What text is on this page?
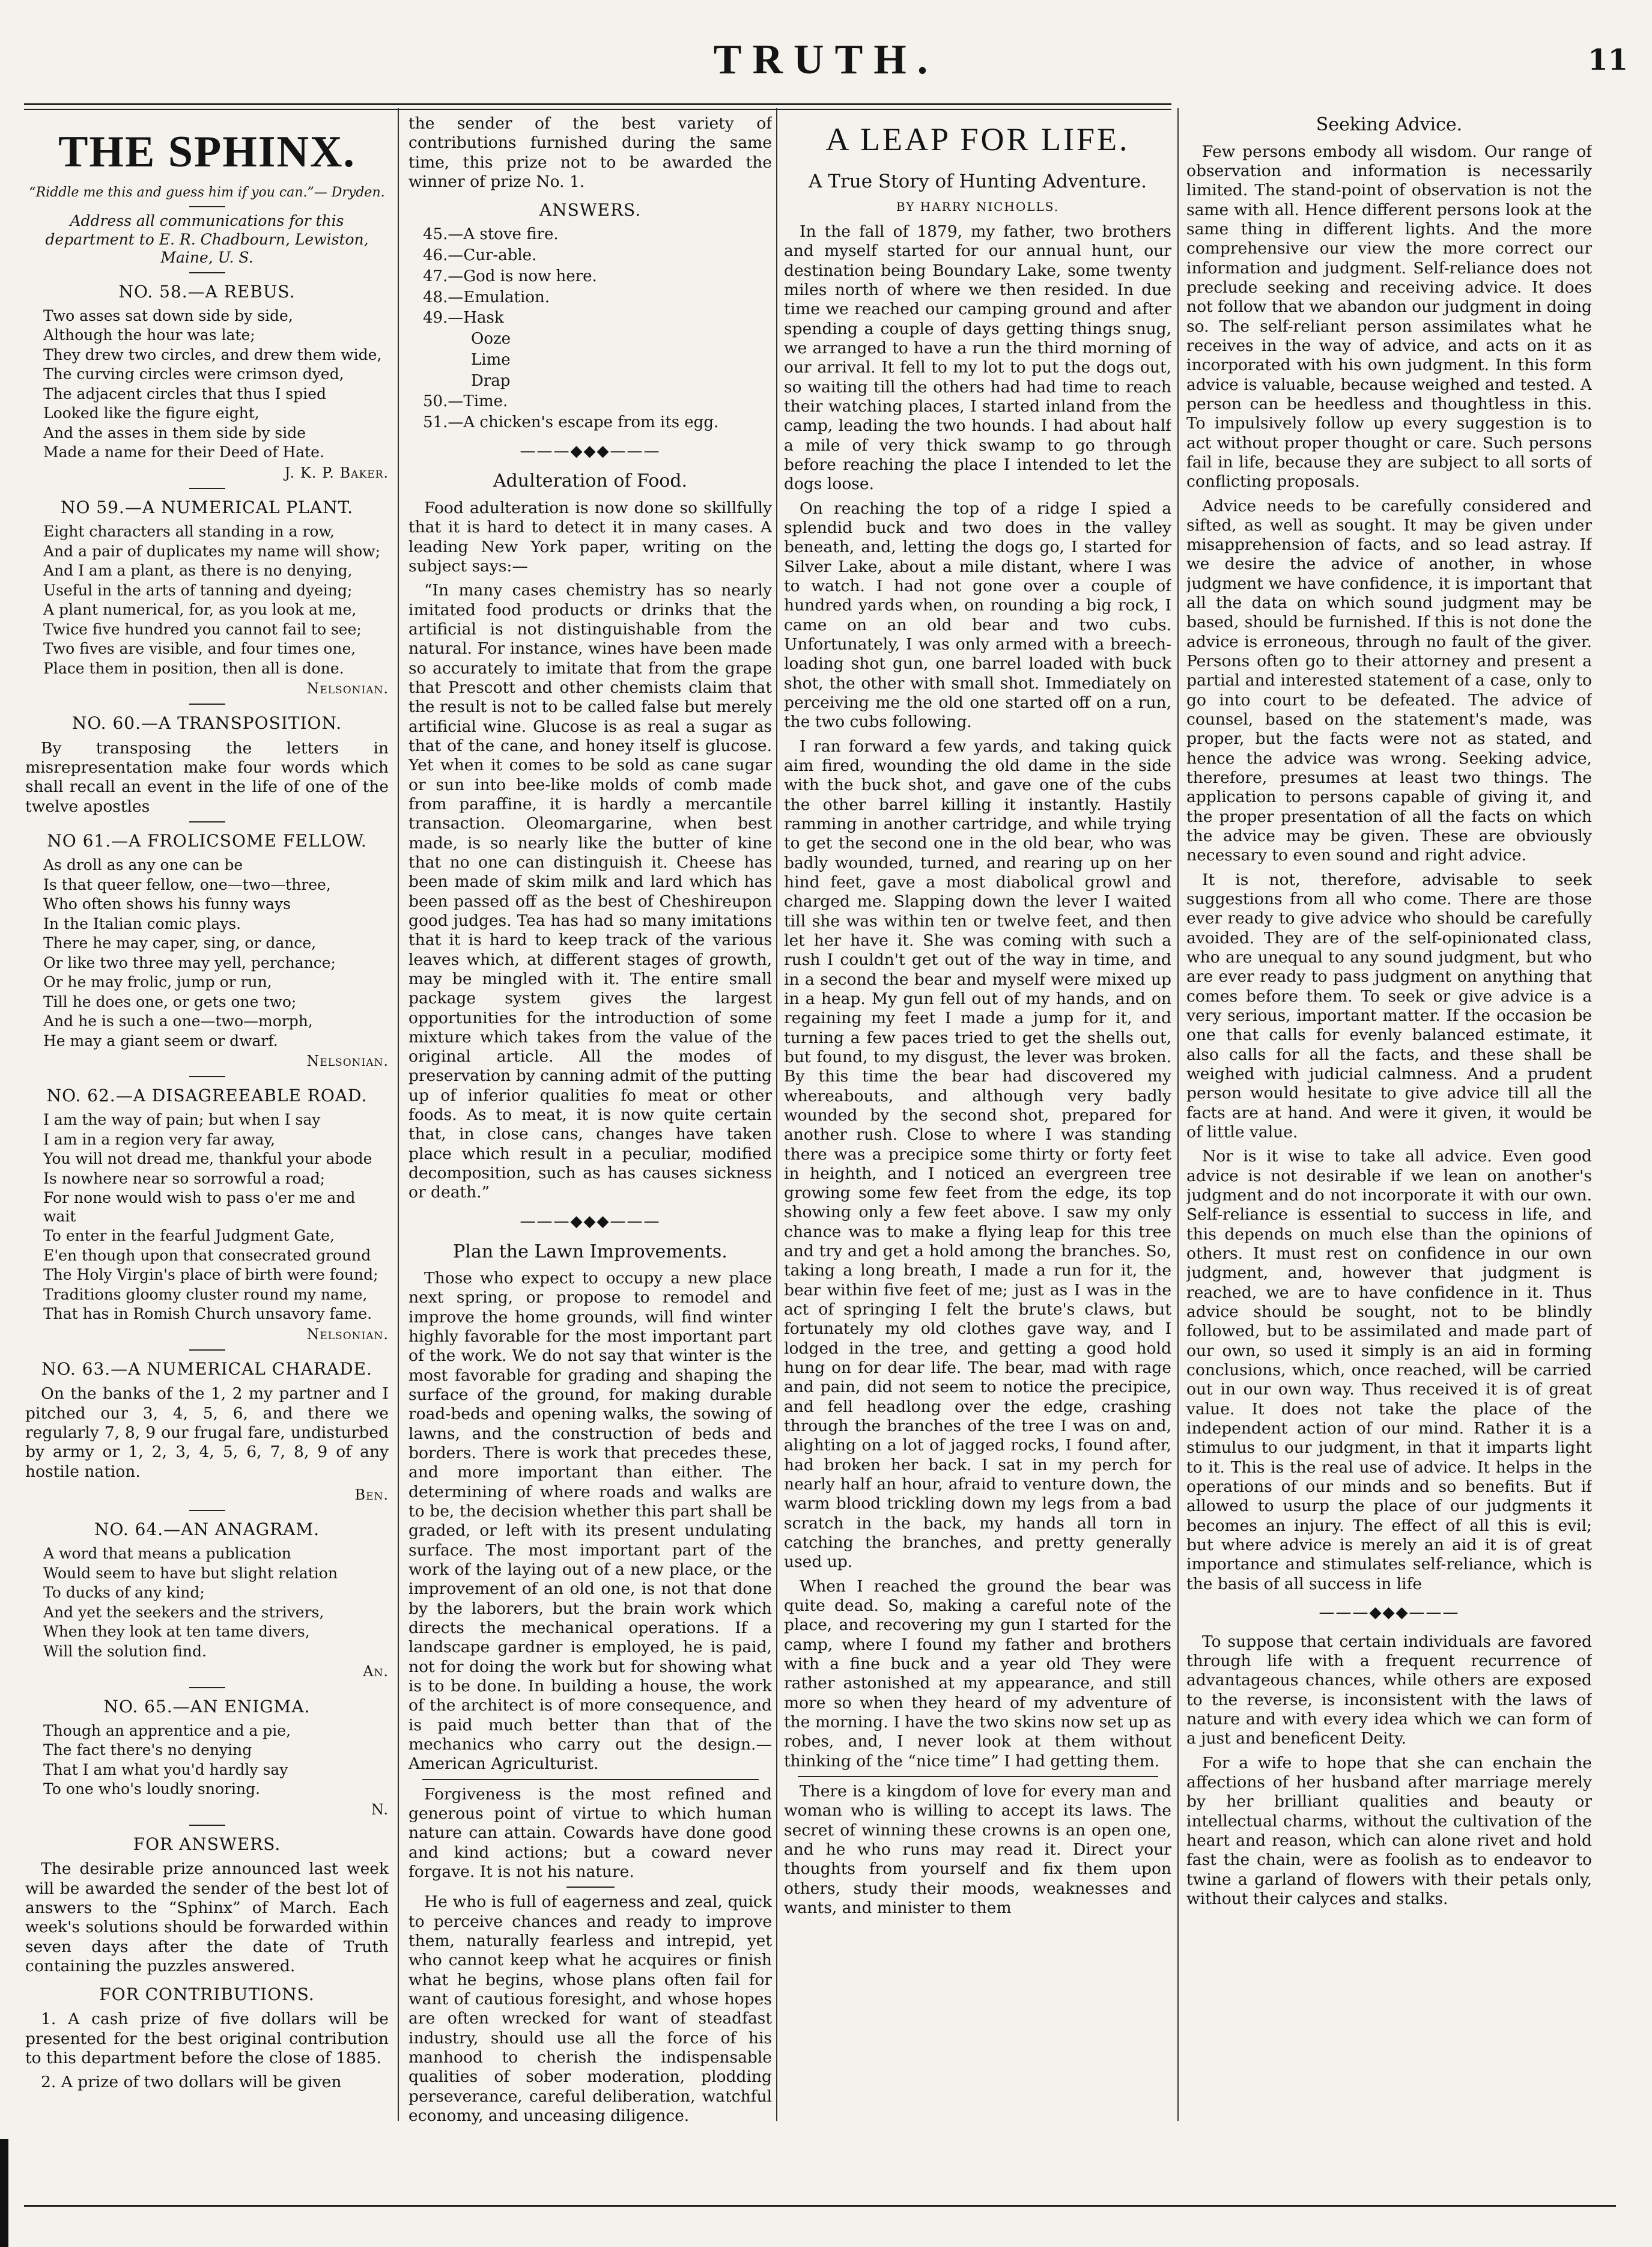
TRUTH.	11
THE SPHINX.
“Riddle me this and guess him if you can.”— Dryden.
Address all communications for this department to E. R. Chadbourn, Lewiston, Maine, U. S.
NO. 58.—A REBUS.
Two asses sat down side by side,
Although the hour was late;
They drew two circles, and drew them wide,
The curving circles were crimson dyed,
The adjacent circles that thus I spied
Looked like the figure eight,
And the asses in them side by side
Made a name for their Deed of Hate.
J. K. P. Baker.
NO 59.—A NUMERICAL PLANT.
Eight characters all standing in a row,
And a pair of duplicates my name will show;
And I am a plant, as there is no denying,
Useful in the arts of tanning and dyeing;
A plant numerical, for, as you look at me,
Twice five hundred you cannot fail to see;
Two fives are visible, and four times one,
Place them in position, then all is done.
Nelsonian.
NO. 60.—A TRANSPOSITION.

By transposing the letters in misrepresentation make four words which shall recall an event in the life of one of the twelve apostles

NO 61.—A FROLICSOME FELLOW.
As droll as any one can be
Is that queer fellow, one—two—three,
Who often shows his funny ways
In the Italian comic plays.
There he may caper, sing, or dance,
Or like two three may yell, perchance;
Or he may frolic, jump or run,
Till he does one, or gets one two;
And he is such a one—two—morph,
He may a giant seem or dwarf.
Nelsonian.
NO. 62.—A DISAGREEABLE ROAD.
I am the way of pain; but when I say
I am in a region very far away,
You will not dread me, thankful your abode
Is nowhere near so sorrowful a road;
For none would wish to pass o'er me and wait
To enter in the fearful Judgment Gate,
E'en though upon that consecrated ground
The Holy Virgin's place of birth were found;
Traditions gloomy cluster round my name,
That has in Romish Church unsavory fame.
Nelsonian.
NO. 63.—A NUMERICAL CHARADE.

On the banks of the 1, 2 my partner and I pitched our 3, 4, 5, 6, and there we regularly 7, 8, 9 our frugal fare, undisturbed by army or 1, 2, 3, 4, 5, 6, 7, 8, 9 of any hostile nation.

Ben.
NO. 64.—AN ANAGRAM.
A word that means a publication
Would seem to have but slight relation
To ducks of any kind;
And yet the seekers and the strivers,
When they look at ten tame divers,
Will the solution find.
An.
NO. 65.—AN ENIGMA.
Though an apprentice and a pie,
The fact there's no denying
That I am what you'd hardly say
To one who's loudly snoring.
N.
FOR ANSWERS.

The desirable prize announced last week will be awarded the sender of the best lot of answers to the “Sphinx” of March. Each week's solutions should be forwarded within seven days after the date of Truth containing the puzzles answered.

FOR CONTRIBUTIONS.

1. A cash prize of five dollars will be presented for the best original contribution to this department before the close of 1885.

2. A prize of two dollars will be given

the sender of the best variety of contributions furnished during the same time, this prize not to be awarded the winner of prize No. 1.

ANSWERS.
45.—A stove fire.
46.—Cur-able.
47.—God is now here.
48.—Emulation.
49.—Hask
Ooze
Lime
Drap
50.—Time.
51.—A chicken's escape from its egg.
———◆◆◆———
Adulteration of Food.

Food adulteration is now done so skillfully that it is hard to detect it in many cases. A leading New York paper, writing on the subject says:—

“In many cases chemistry has so nearly imitated food products or drinks that the artificial is not distinguishable from the natural. For instance, wines have been made so accurately to imitate that from the grape that Prescott and other chemists claim that the result is not to be called false but merely artificial wine. Glucose is as real a sugar as that of the cane, and honey itself is glucose. Yet when it comes to be sold as cane sugar or sun into bee-like molds of comb made from paraffine, it is hardly a mercantile transaction. Oleomargarine, when best made, is so nearly like the butter of kine that no one can distinguish it. Cheese has been made of skim milk and lard which has been passed off as the best of Cheshireupon good judges. Tea has had so many imitations that it is hard to keep track of the various leaves which, at different stages of growth, may be mingled with it. The entire small package system gives the largest opportunities for the introduction of some mixture which takes from the value of the original article. All the modes of preservation by canning admit of the putting up of inferior qualities fo meat or other foods. As to meat, it is now quite certain that, in close cans, changes have taken place which result in a peculiar, modified decomposition, such as has causes sickness or death.”

———◆◆◆———
Plan the Lawn Improvements.

Those who expect to occupy a new place next spring, or propose to remodel and improve the home grounds, will find winter highly favorable for the most important part of the work. We do not say that winter is the most favorable for grading and shaping the surface of the ground, for making durable road-beds and opening walks, the sowing of lawns, and the construction of beds and borders. There is work that precedes these, and more important than either. The determining of where roads and walks are to be, the decision whether this part shall be graded, or left with its present undulating surface. The most important part of the work of the laying out of a new place, or the improvement of an old one, is not that done by the laborers, but the brain work which directs the mechanical operations. If a landscape gardner is employed, he is paid, not for doing the work but for showing what is to be done. In building a house, the work of the architect is of more consequence, and is paid much better than that of the mechanics who carry out the design.—American Agriculturist.

Forgiveness is the most refined and generous point of virtue to which human nature can attain. Cowards have done good and kind actions; but a coward never forgave. It is not his nature.

He who is full of eagerness and zeal, quick to perceive chances and ready to improve them, naturally fearless and intrepid, yet who cannot keep what he acquires or finish what he begins, whose plans often fail for want of cautious foresight, and whose hopes are often wrecked for want of steadfast industry, should use all the force of his manhood to cherish the indispensable qualities of sober moderation, plodding perseverance, careful deliberation, watchful economy, and unceasing diligence.

A LEAP FOR LIFE.
A True Story of Hunting Adventure.
BY HARRY NICHOLLS.

In the fall of 1879, my father, two brothers and myself started for our annual hunt, our destination being Boundary Lake, some twenty miles north of where we then resided. In due time we reached our camping ground and after spending a couple of days getting things snug, we arranged to have a run the third morning of our arrival. It fell to my lot to put the dogs out, so waiting till the others had had time to reach their watching places, I started inland from the camp, leading the two hounds. I had about half a mile of very thick swamp to go through before reaching the place I intended to let the dogs loose.

On reaching the top of a ridge I spied a splendid buck and two does in the valley beneath, and, letting the dogs go, I started for Silver Lake, about a mile distant, where I was to watch. I had not gone over a couple of hundred yards when, on rounding a big rock, I came on an old bear and two cubs. Unfortunately, I was only armed with a breech-loading shot gun, one barrel loaded with buck shot, the other with small shot. Immediately on perceiving me the old one started off on a run, the two cubs following.

I ran forward a few yards, and taking quick aim fired, wounding the old dame in the side with the buck shot, and gave one of the cubs the other barrel killing it instantly. Hastily ramming in another cartridge, and while trying to get the second one in the old bear, who was badly wounded, turned, and rearing up on her hind feet, gave a most diabolical growl and charged me. Slapping down the lever I waited till she was within ten or twelve feet, and then let her have it. She was coming with such a rush I couldn't get out of the way in time, and in a second the bear and myself were mixed up in a heap. My gun fell out of my hands, and on regaining my feet I made a jump for it, and turning a few paces tried to get the shells out, but found, to my disgust, the lever was broken. By this time the bear had discovered my whereabouts, and although very badly wounded by the second shot, prepared for another rush. Close to where I was standing there was a precipice some thirty or forty feet in heighth, and I noticed an evergreen tree growing some few feet from the edge, its top showing only a few feet above. I saw my only chance was to make a flying leap for this tree and try and get a hold among the branches. So, taking a long breath, I made a run for it, the bear within five feet of me; just as I was in the act of springing I felt the brute's claws, but fortunately my old clothes gave way, and I lodged in the tree, and getting a good hold hung on for dear life. The bear, mad with rage and pain, did not seem to notice the precipice, and fell headlong over the edge, crashing through the branches of the tree I was on and, alighting on a lot of jagged rocks, I found after, had broken her back. I sat in my perch for nearly half an hour, afraid to venture down, the warm blood trickling down my legs from a bad scratch in the back, my hands all torn in catching the branches, and pretty generally used up.

When I reached the ground the bear was quite dead. So, making a careful note of the place, and recovering my gun I started for the camp, where I found my father and brothers with a fine buck and a year old They were rather astonished at my appearance, and still more so when they heard of my adventure of the morning. I have the two skins now set up as robes, and, I never look at them without thinking of the “nice time” I had getting them.

There is a kingdom of love for every man and woman who is willing to accept its laws. The secret of winning these crowns is an open one, and he who runs may read it. Direct your thoughts from yourself and fix them upon others, study their moods, weaknesses and wants, and minister to them

Seeking Advice.

Few persons embody all wisdom. Our range of observation and information is necessarily limited. The stand-point of observation is not the same with all. Hence different persons look at the same thing in different lights. And the more comprehensive our view the more correct our information and judgment. Self-reliance does not preclude seeking and receiving advice. It does not follow that we abandon our judgment in doing so. The self-reliant person assimilates what he receives in the way of advice, and acts on it as incorporated with his own judgment. In this form advice is valuable, because weighed and tested. A person can be heedless and thoughtless in this. To impulsively follow up every suggestion is to act without proper thought or care. Such persons fail in life, because they are subject to all sorts of conflicting proposals.

Advice needs to be carefully considered and sifted, as well as sought. It may be given under misapprehension of facts, and so lead astray. If we desire the advice of another, in whose judgment we have confidence, it is important that all the data on which sound judgment may be based, should be furnished. If this is not done the advice is erroneous, through no fault of the giver. Persons often go to their attorney and present a partial and interested statement of a case, only to go into court to be defeated. The advice of counsel, based on the statement's made, was proper, but the facts were not as stated, and hence the advice was wrong. Seeking advice, therefore, presumes at least two things. The application to persons capable of giving it, and the proper presentation of all the facts on which the advice may be given. These are obviously necessary to even sound and right advice.

It is not, therefore, advisable to seek suggestions from all who come. There are those ever ready to give advice who should be carefully avoided. They are of the self-opinionated class, who are unequal to any sound judgment, but who are ever ready to pass judgment on anything that comes before them. To seek or give advice is a very serious, important matter. If the occasion be one that calls for evenly balanced estimate, it also calls for all the facts, and these shall be weighed with judicial calmness. And a prudent person would hesitate to give advice till all the facts are at hand. And were it given, it would be of little value.

Nor is it wise to take all advice. Even good advice is not desirable if we lean on another's judgment and do not incorporate it with our own. Self-reliance is essential to success in life, and this depends on much else than the opinions of others. It must rest on confidence in our own judgment, and, however that judgment is reached, we are to have confidence in it. Thus advice should be sought, not to be blindly followed, but to be assimilated and made part of our own, so used it simply is an aid in forming conclusions, which, once reached, will be carried out in our own way. Thus received it is of great value. It does not take the place of the independent action of our mind. Rather it is a stimulus to our judgment, in that it imparts light to it. This is the real use of advice. It helps in the operations of our minds and so benefits. But if allowed to usurp the place of our judgments it becomes an injury. The effect of all this is evil; but where advice is merely an aid it is of great importance and stimulates self-reliance, which is the basis of all success in life

———◆◆◆———

To suppose that certain individuals are favored through life with a frequent recurrence of advantageous chances, while others are exposed to the reverse, is inconsistent with the laws of nature and with every idea which we can form of a just and beneficent Deity.

For a wife to hope that she can enchain the affections of her husband after marriage merely by her brilliant qualities and beauty or intellectual charms, without the cultivation of the heart and reason, which can alone rivet and hold fast the chain, were as foolish as to endeavor to twine a garland of flowers with their petals only, without their calyces and stalks.
